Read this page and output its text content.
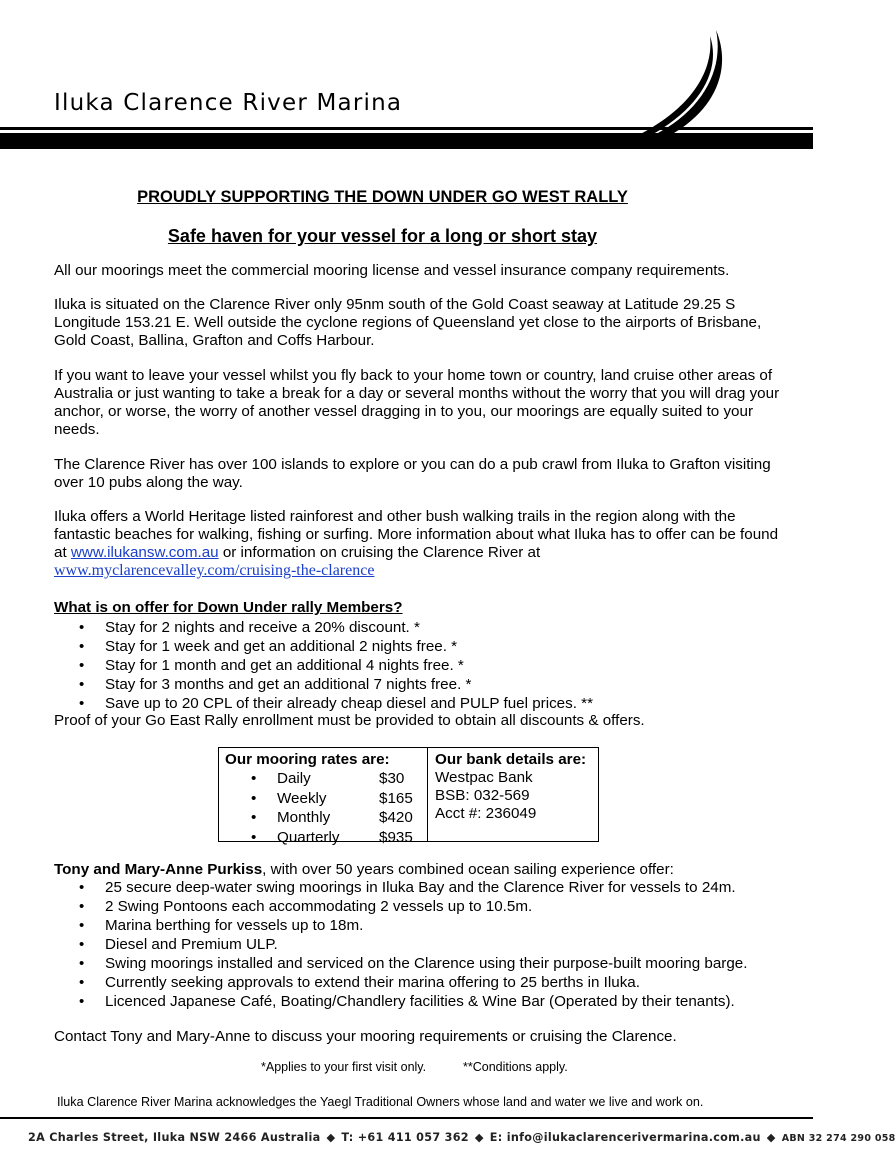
Iluka Clarence River Marina
PROUDLY SUPPORTING THE DOWN UNDER GO WEST RALLY
Safe haven for your vessel for a long or short stay

All our moorings meet the commercial mooring license and vessel insurance company requirements.

Iluka is situated on the Clarence River only 95nm south of the Gold Coast seaway at Latitude 29.25 S Longitude 153.21 E. Well outside the cyclone regions of Queensland yet close to the airports of Brisbane, Gold Coast, Ballina, Grafton and Coffs Harbour.

If you want to leave your vessel whilst you fly back to your home town or country, land cruise other areas of Australia or just wanting to take a break for a day or several months without the worry that you will drag your anchor, or worse, the worry of another vessel dragging in to you, our moorings are equally suited to your needs.

The Clarence River has over 100 islands to explore or you can do a pub crawl from Iluka to Grafton visiting over 10 pubs along the way.

Iluka offers a World Heritage listed rainforest and other bush walking trails in the region along with the fantastic beaches for walking, fishing or surfing. More information about what Iluka has to offer can be found at www.ilukansw.com.au or information on cruising the Clarence River at
www.myclarencevalley.com/cruising-the-clarence

What is on offer for Down Under rally Members?

• Stay for 2 nights and receive a 20% discount. *
• Stay for 1 week and get an additional 2 nights free. *
• Stay for 1 month and get an additional 4 nights free. *
• Stay for 3 months and get an additional 7 nights free. *
• Save up to 20 CPL of their already cheap diesel and PULP fuel prices. **

Proof of your Go East Rally enrollment must be provided to obtain all discounts & offers.

Our mooring rates are:
• Daily	$30
• Weekly	$165
• Monthly	$420
• Quarterly	$935
Our bank details are:
Westpac Bank
BSB: 032-569
Acct #: 236049

Tony and Mary-Anne Purkiss, with over 50 years combined ocean sailing experience offer:

• 25 secure deep-water swing moorings in Iluka Bay and the Clarence River for vessels to 24m.
• 2 Swing Pontoons each accommodating 2 vessels up to 10.5m.
• Marina berthing for vessels up to 18m.
• Diesel and Premium ULP.
• Swing moorings installed and serviced on the Clarence using their purpose-built mooring barge.
• Currently seeking approvals to extend their marina offering to 25 berths in Iluka.
• Licenced Japanese Café, Boating/Chandlery facilities & Wine Bar (Operated by their tenants).

Contact Tony and Mary-Anne to discuss your mooring requirements or cruising the Clarence.

*Applies to your first visit only.	**Conditions apply.
Iluka Clarence River Marina acknowledges the Yaegl Traditional Owners whose land and water we live and work on.
2A Charles Street, Iluka NSW 2466 Australia ◆ T: +61 411 057 362 ◆ E: info@ilukaclarencerivermarina.com.au ◆ ABN 32 274 290 058
